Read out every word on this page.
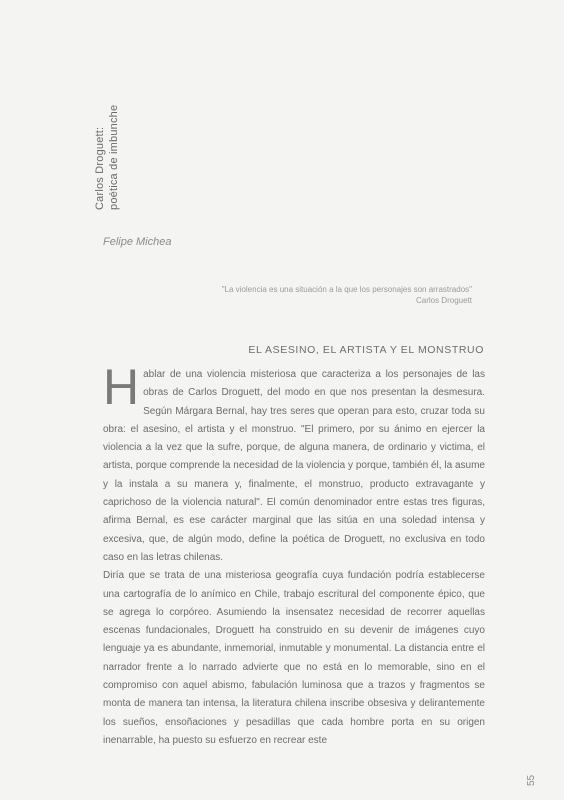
Carlos Droguett: poética de imbunche
Felipe Michea
"La violencia es una situación a la que los personajes son arrastrados"
Carlos Droguett
EL ASESINO, EL ARTISTA Y EL MONSTRUO

H ablar de una violencia misteriosa que caracteriza a los personajes de las obras de Carlos Droguett, del modo en que nos presentan la desmesura. Según Márgara Bernal, hay tres seres que operan para esto, cruzar toda su obra: el asesino, el artista y el monstruo. "El primero, por su ánimo en ejercer la violencia a la vez que la sufre, porque, de alguna manera, de ordinario y victima, el artista, porque comprende la necesidad de la violencia y porque, también él, la asume y la instala a su manera y, finalmente, el monstruo, producto extravagante y caprichoso de la violencia natural". El común denominador entre estas tres figuras, afirma Bernal, es ese carácter marginal que las sitúa en una soledad intensa y excesiva, que, de algún modo, define la poética de Droguett, no exclusiva en todo caso en las letras chilenas.

Diría que se trata de una misteriosa geografía cuya fundación podría establecerse una cartografía de lo anímico en Chile, trabajo escritural del componente épico, que se agrega lo corpóreo. Asumiendo la insensatez necesidad de recorrer aquellas escenas fundacionales, Droguett ha construido en su devenir de imágenes cuyo lenguaje ya es abundante, inmemorial, inmutable y monumental. La distancia entre el narrador frente a lo narrado advierte que no está en lo memorable, sino en el compromiso con aquel abismo, fabulación luminosa que a trazos y fragmentos se monta de manera tan intensa, la literatura chilena inscribe obsesiva y delirantemente los sueños, ensoñaciones y pesadillas que cada hombre porta en su origen inenarrable, ha puesto su esfuerzo en recrear este

55
